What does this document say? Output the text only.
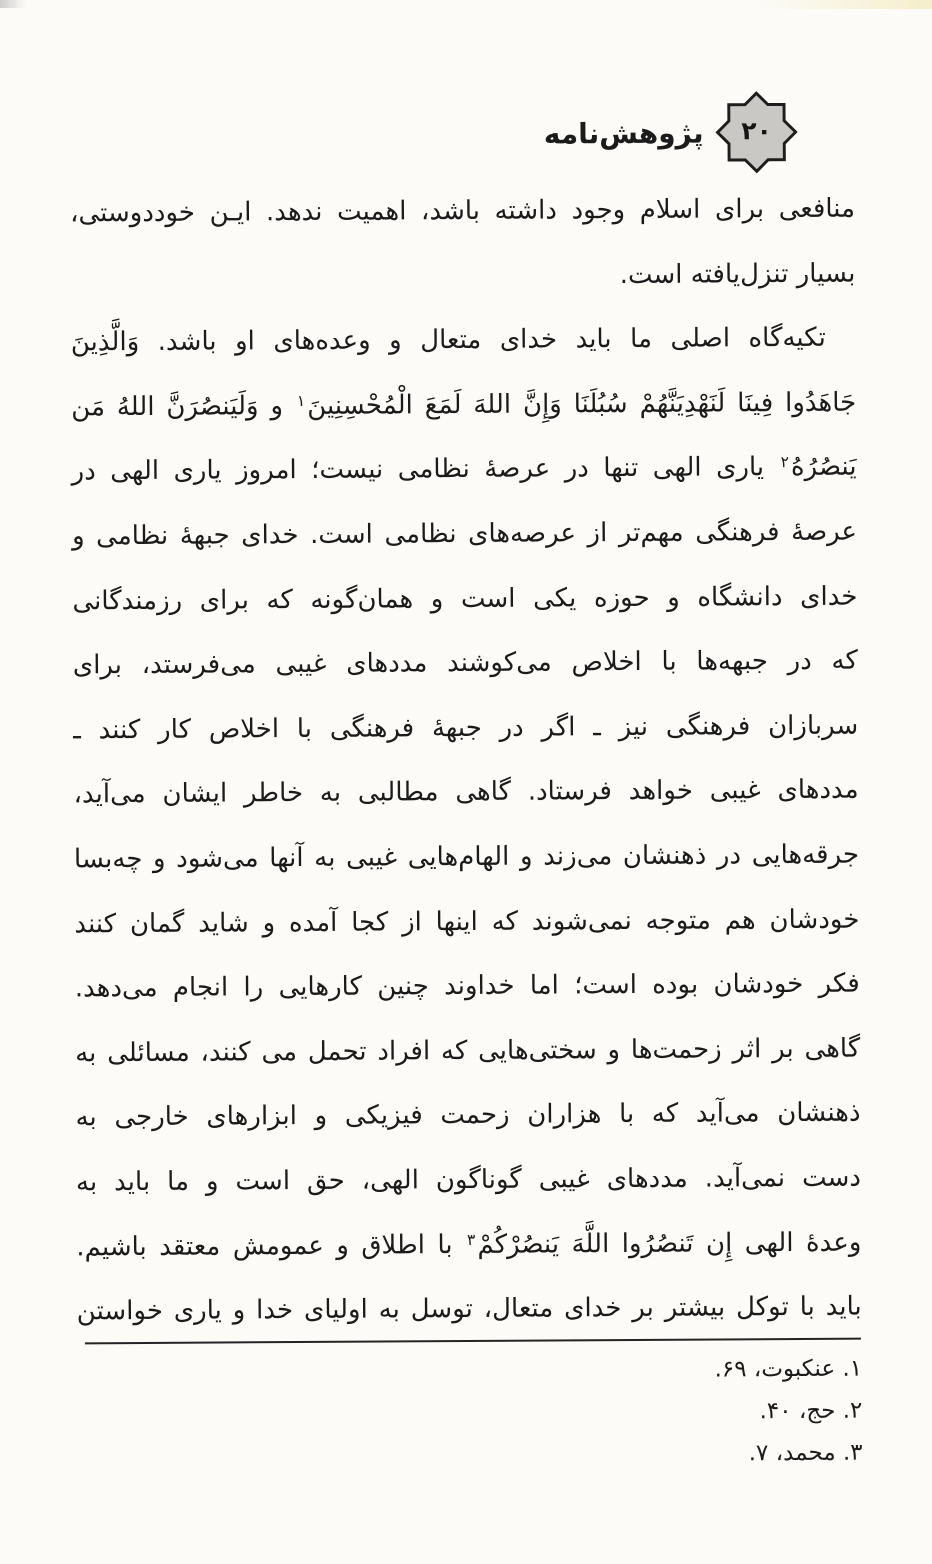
۲۰
پژوهش‌نامه
منافعی برای اسلام وجود داشته باشد، اهمیت ندهد. ایـن خوددوستی،
بسیار تنزل‌یافته است.
تکیه‌گاه اصلی ما باید خدای متعال و وعده‌های او باشد. وَالَّذِينَ
جَاهَدُوا فِينَا لَنَهْدِيَنَّهُمْ سُبُلَنَا وَإِنَّ اللهَ لَمَعَ الْمُحْسِنِينَ$^۱$ و وَلَيَنصُرَنَّ اللهُ مَن
يَنصُرُهُ$^۲$ یاری الهی تنها در عرصۀ نظامی نیست؛ امروز یاری الهی در
عرصۀ فرهنگی مهم‌تر از عرصه‌های نظامی است. خدای جبهۀ نظامی و
خدای دانشگاه و حوزه یکی است و همان‌گونه که برای رزمندگانی
که در جبهه‌ها با اخلاص می‌کوشند مددهای غیبی می‌فرستد، برای
سربازان فرهنگی نیز ـ اگر در جبهۀ فرهنگی با اخلاص کار کنند ـ
مددهای غیبی خواهد فرستاد. گاهی مطالبی به خاطر ایشان می‌آید،
جرقه‌هایی در ذهنشان می‌زند و الهام‌هایی غیبی به آنها می‌شود و چه‌بسا
خودشان هم متوجه نمی‌شوند که اینها از کجا آمده و شاید گمان کنند
فکر خودشان بوده است؛ اما خداوند چنین کارهایی را انجام می‌دهد.
گاهی بر اثر زحمت‌ها و سختی‌هایی که افراد تحمل می کنند، مسائلی به
ذهنشان می‌آید که با هزاران زحمت فیزیکی و ابزارهای خارجی به
دست نمی‌آید. مددهای غیبی گوناگون الهی، حق است و ما باید به
وعدۀ الهی إِن تَنصُرُوا اللَّهَ يَنصُرْكُمْ$^۳$ با اطلاق و عمومش معتقد باشیم.
باید با توکل بیشتر بر خدای متعال، توسل به اولیای خدا و یاری خواستن
۱. عنکبوت، ۶۹.
۲. حج، ۴۰.
۳. محمد، ۷.
